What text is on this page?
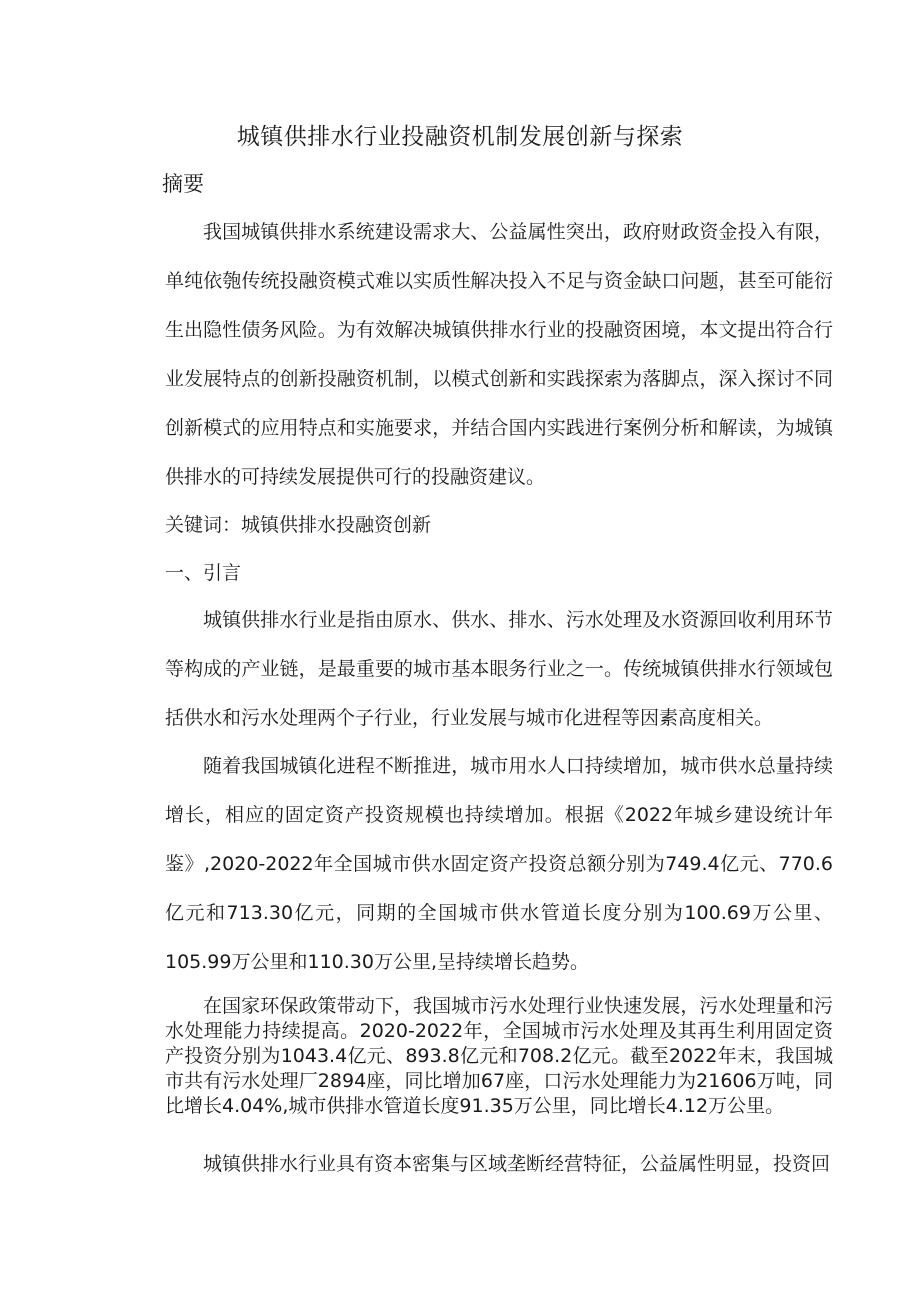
城镇供排水行业投融资机制发展创新与探索
摘要

我国城镇供排水系统建设需求大、公益属性突出，政府财政资金投入有限，单纯依匏传统投融资模式难以实质性解决投入不足与资金缺口问题，甚至可能衍生出隐性债务风险。为有效解决城镇供排水行业的投融资困境，本文提出符合行业发展特点的创新投融资机制，以模式创新和实践探索为落脚点，深入探讨不同创新模式的应用特点和实施要求，并结合国内实践进行案例分析和解读，为城镇供排水的可持续发展提供可行的投融资建议。

关键词：城镇供排水投融资创新

一、引言

城镇供排水行业是指由原水、供水、排水、污水处理及水资源回收利用环节等构成的产业链，是最重要的城市基本眼务行业之一。传统城镇供排水行领域包括供水和污水处理两个子行业，行业发展与城市化进程等因素高度相关。

随着我国城镇化进程不断推进，城市用水人口持续增加，城市供水总量持续增长，相应的固定资产投资规模也持续增加。根据《2022年城乡建设统计年鉴》,2020-2022年全国城市供水固定资产投资总额分别为749.4亿元、770.6亿元和713.30亿元，同期的全国城市供水管道长度分别为100.69万公里、105.99万公里和110.30万公里,呈持续增长趋势。

在国家环保政策带动下，我国城市污水处理行业快速发展，污水处理量和污水处理能力持续提高。2020-2022年，全国城市污水处理及其再生利用固定资产投资分别为1043.4亿元、893.8亿元和708.2亿元。截至2022年末，我国城市共有污水处理厂2894座，同比增加67座，口污水处理能力为21606万吨，同比增长4.04%,城市供排水管道长度91.35万公里，同比增长4.12万公里。

城镇供排水行业具有资本密集与区域垄断经营特征，公益属性明显，投资回
